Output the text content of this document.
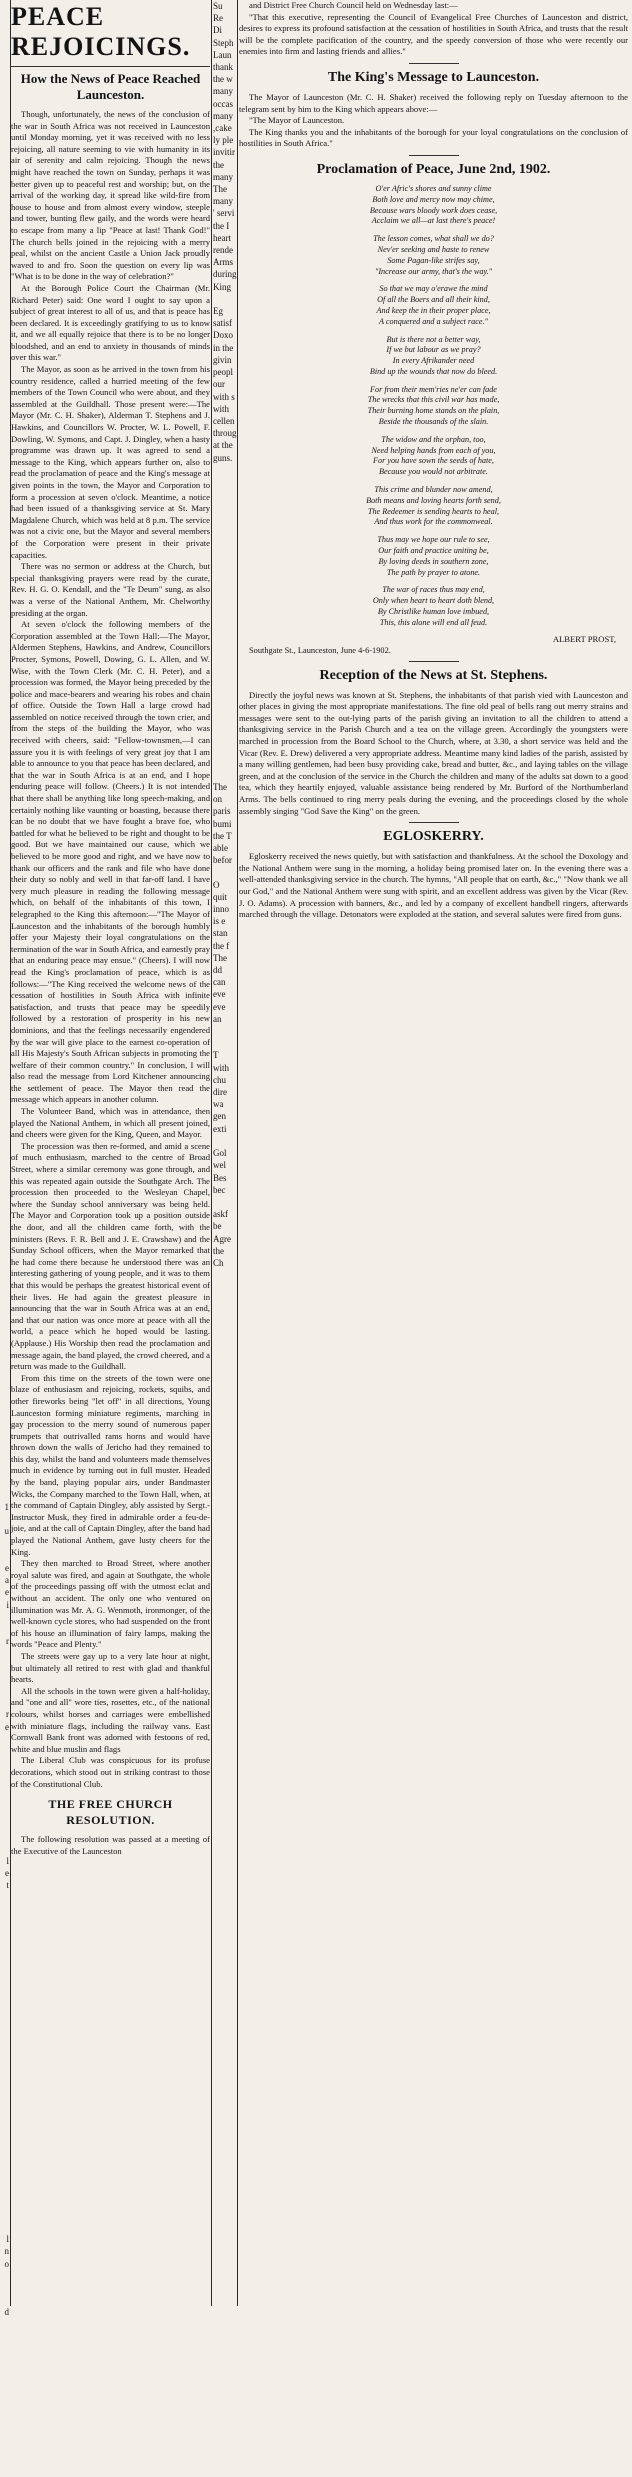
1

u

e
a
e
i

r

r
e

l
e
t

l
n
o

d

PEACE REJOICINGS.
How the News of Peace Reached Launceston.

Though, unfortunately, the news of the conclusion of the war in South Africa was not received in Launceston until Monday morning, yet it was received with no less rejoicing, all nature seeming to vie with humanity in its air of serenity and calm rejoicing. Though the news might have reached the town on Sunday, perhaps it was better given up to peaceful rest and worship; but, on the arrival of the working day, it spread like wild-fire from house to house and from almost every window, steeple and tower, bunting flew gaily, and the words were heard to escape from many a lip "Peace at last! Thank God!" The church bells joined in the rejoicing with a merry peal, whilst on the ancient Castle a Union Jack proudly waved to and fro. Soon the question on every lip was "What is to be done in the way of celebration?"

At the Borough Police Court the Chairman (Mr. Richard Peter) said: One word I ought to say upon a subject of great interest to all of us, and that is peace has been declared. It is exceedingly gratifying to us to know it, and we all equally rejoice that there is to be no longer bloodshed, and an end to anxiety in thousands of minds over this war."

The Mayor, as soon as he arrived in the town from his country residence, called a hurried meeting of the few members of the Town Council who were about, and they assembled at the Guildhall. Those present were:—The Mayor (Mr. C. H. Shaker), Alderman T. Stephens and J. Hawkins, and Councillors W. Procter, W. L. Powell, F. Dowling, W. Symons, and Capt. J. Dingley, when a hasty programme was drawn up. It was agreed to send a message to the King, which appears further on, also to read the proclamation of peace and the King's message at given points in the town, the Mayor and Corporation to form a procession at seven o'clock. Meantime, a notice had been issued of a thanksgiving service at St. Mary Magdalene Church, which was held at 8 p.m. The service was not a civic one, but the Mayor and several members of the Corporation were present in their private capacities.

There was no sermon or address at the Church, but special thanksgiving prayers were read by the curate, Rev. H. G. O. Kendall, and the "Te Deum" sung, as also was a verse of the National Anthem, Mr. Chelworthy presiding at the organ.

At seven o'clock the following members of the Corporation assembled at the Town Hall:—The Mayor, Aldermen Stephens, Hawkins, and Andrew, Councillors Procter, Symons, Powell, Dowing, G. L. Allen, and W. Wise, with the Town Clerk (Mr. C. H. Peter), and a procession was formed, the Mayor being preceded by the police and mace-bearers and wearing his robes and chain of office. Outside the Town Hall a large crowd had assembled on notice received through the town crier, and from the steps of the building the Mayor, who was received with cheers, said: "Fellow-townsmen,—I can assure you it is with feelings of very great joy that I am able to announce to you that peace has been declared, and that the war in South Africa is at an end, and I hope enduring peace will follow. (Cheers.) It is not intended that there shall be anything like long speech-making, and certainly nothing like vaunting or boasting, because there can be no doubt that we have fought a brave foe, who battled for what he believed to be right and thought to be good. But we have maintained our cause, which we believed to be more good and right, and we have now to thank our officers and the rank and file who have done their duty so nobly and well in that far-off land. I have very much pleasure in reading the following message which, on behalf of the inhabitants of this town, I telegraphed to the King this afternoon:—"The Mayor of Launceston and the inhabitants of the borough humbly offer your Majesty their loyal congratulations on the termination of the war in South Africa, and earnestly pray that an enduring peace may ensue." (Cheers). I will now read the King's proclamation of peace, which is as follows:—"The King received the welcome news of the cessation of hostilities in South Africa with infinite satisfaction, and trusts that peace may be speedily followed by a restoration of prosperity in his new dominions, and that the feelings necessarily engendered by the war will give place to the earnest co-operation of all His Majesty's South African subjects in promoting the welfare of their common country." In conclusion, I will also read the message from Lord Kitchener announcing the settlement of peace. The Mayor then read the message which appears in another column.

The Volunteer Band, which was in attendance, then played the National Anthem, in which all present joined, and cheers were given for the King, Queen, and Mayor.

The procession was then re-formed, and amid a scene of much enthusiasm, marched to the centre of Broad Street, where a similar ceremony was gone through, and this was repeated again outside the Southgate Arch. The procession then proceeded to the Wesleyan Chapel, where the Sunday school anniversary was being held. The Mayor and Corporation took up a position outside the door, and all the children came forth, with the ministers (Revs. F. R. Bell and J. E. Crawshaw) and the Sunday School officers, when the Mayor remarked that he had come there because he understood there was an interesting gathering of young people, and it was to them that this would be perhaps the greatest historical event of their lives. He had again the greatest pleasure in announcing that the war in South Africa was at an end, and that our nation was once more at peace with all the world, a peace which he hoped would be lasting. (Applause.) His Worship then read the proclamation and message again, the band played, the crowd cheered, and a return was made to the Guildhall.

From this time on the streets of the town were one blaze of enthusiasm and rejoicing, rockets, squibs, and other fireworks being "let off" in all directions, Young Launceston forming miniature regiments, marching in gay procession to the merry sound of numerous paper trumpets that outrivalled rams horns and would have thrown down the walls of Jericho had they remained to this day, whilst the band and volunteers made themselves much in evidence by turning out in full muster. Headed by the band, playing popular airs, under Bandmaster Wicks, the Company marched to the Town Hall, when, at the command of Captain Dingley, ably assisted by Sergt.-Instructor Musk, they fired in admirable order a feu-de-joie, and at the call of Captain Dingley, after the band had played the National Anthem, gave lusty cheers for the King.

They then marched to Broad Street, where another royal salute was fired, and again at Southgate, the whole of the proceedings passing off with the utmost eclat and without an accident. The only one who ventured on illumination was Mr. A. G. Wenmoth, ironmonger, of the well-known cycle stores, who had suspended on the front of his house an illumination of fairy lamps, making the words "Peace and Plenty."

The streets were gay up to a very late hour at night, but ultimately all retired to rest with glad and thankful hearts.

All the schools in the town were given a half-holiday, and "one and all" wore ties, rosettes, etc., of the national colours, whilst horses and carriages were embellished with miniature flags, including the railway vans. East Cornwall Bank front was adorned with festoons of red, white and blue muslin and flags

The Liberal Club was conspicuous for its profuse decorations, which stood out in striking contrast to those of the Constitutional Club.

THE FREE CHURCH RESOLUTION.

The following resolution was passed at a meeting of the Executive of the Launceston

Su
Re
Di
Steph
Laun
thank
the w
many
occas
many
,cake
ly ple
invitir
the
many
The
many
' servi
the I
heart
rende
Arms
during
King

Eg
satisf
Doxo
in the
givin
peopl
our
with s
with
cellen
throug
at the
guns.

The
on
paris
bumi
the T
able
befor

O
quit
inno
is e
stan
the f
The
dd
can
eve
eve
an

T
with
chu
dire
wa
gen
exti

Gol
wel
Bes
bec

askf
be
Agre
the
Ch

and District Free Church Council held on Wednesday last:—

"That this executive, representing the Council of Evangelical Free Churches of Launceston and district, desires to express its profound satisfaction at the cessation of hostilities in South Africa, and trusts that the result will be the complete pacification of the country, and the speedy conversion of those who were recently our enemies into firm and lasting friends and allies."

The King's Message to Launceston.

The Mayor of Launceston (Mr. C. H. Shaker) received the following reply on Tuesday afternoon to the telegram sent by him to the King which appears above:—

"The Mayor of Launceston.

The King thanks you and the inhabitants of the borough for your loyal congratulations on the conclusion of hostilities in South Africa."

Proclamation of Peace, June 2nd, 1902.
O'er Afric's shores and sunny clime
Both love and mercy now may chime,
Because wars bloody work does cease,
Acclaim we all—at last there's peace!
The lesson comes, what shall we do?
Nev'er seeking and haste to renew
Some Pagan-like strifes say,
"Increase our army, that's the way."
So that we may o'erawe the mind
Of all the Boers and all their kind,
And keep the in their proper place,
A conquered and a subject race."
But is there not a better way,
If we but labour as we pray?
In every Afrikander need
Bind up the wounds that now do bleed.
For from their mem'ries ne'er can fade
The wrecks that this civil war has made,
Their burning home stands on the plain,
Beside the thousands of the slain.
The widow and the orphan, too,
Need helping hands from each of you,
For you have sown the seeds of hate,
Because you would not arbitrate.
This crime and blunder now amend,
Both means and loving hearts forth send,
The Redeemer is sending hearts to heal,
And thus work for the commonweal.
Thus may we hope our rule to see,
Our faith and practice uniting be,
By loving deeds in southern zone,
The path by prayer to atone.
The war of races thus may end,
Only when heart to heart doth blend,
By Christlike human love imbued,
This, this alone will end all feud.
ALBERT PROST,
Southgate St., Launceston, June 4-6-1902.
Reception of the News at St. Stephens.

Directly the joyful news was known at St. Stephens, the inhabitants of that parish vied with Launceston and other places in giving the most appropriate manifestations. The fine old peal of bells rang out merry strains and messages were sent to the out-lying parts of the parish giving an invitation to all the children to attend a thanksgiving service in the Parish Church and a tea on the village green. Accordingly the youngsters were marched in procession from the Board School to the Church, where, at 3.30, a short service was held and the Vicar (Rev. E. Drew) delivered a very appropriate address. Meantime many kind ladies of the parish, assisted by a many willing gentlemen, had been busy providing cake, bread and butter, &c., and laying tables on the village green, and at the conclusion of the service in the Church the children and many of the adults sat down to a good tea, which they heartily enjoyed, valuable assistance being rendered by Mr. Burford of the Northumberland Arms. The bells continued to ring merry peals during the evening, and the proceedings closed by the whole assembly singing "God Save the King" on the green.

EGLOSKERRY.

Egloskerry received the news quietly, but with satisfaction and thankfulness. At the school the Doxology and the National Anthem were sung in the morning, a holiday being promised later on. In the evening there was a well-attended thanksgiving service in the church. The hymns, "All people that on earth, &c.," "Now thank we all our God," and the National Anthem were sung with spirit, and an excellent address was given by the Vicar (Rev. J. O. Adams). A procession with banners, &c., and led by a company of excellent handbell ringers, afterwards marched through the village. Detonators were exploded at the station, and several salutes were fired from guns.
